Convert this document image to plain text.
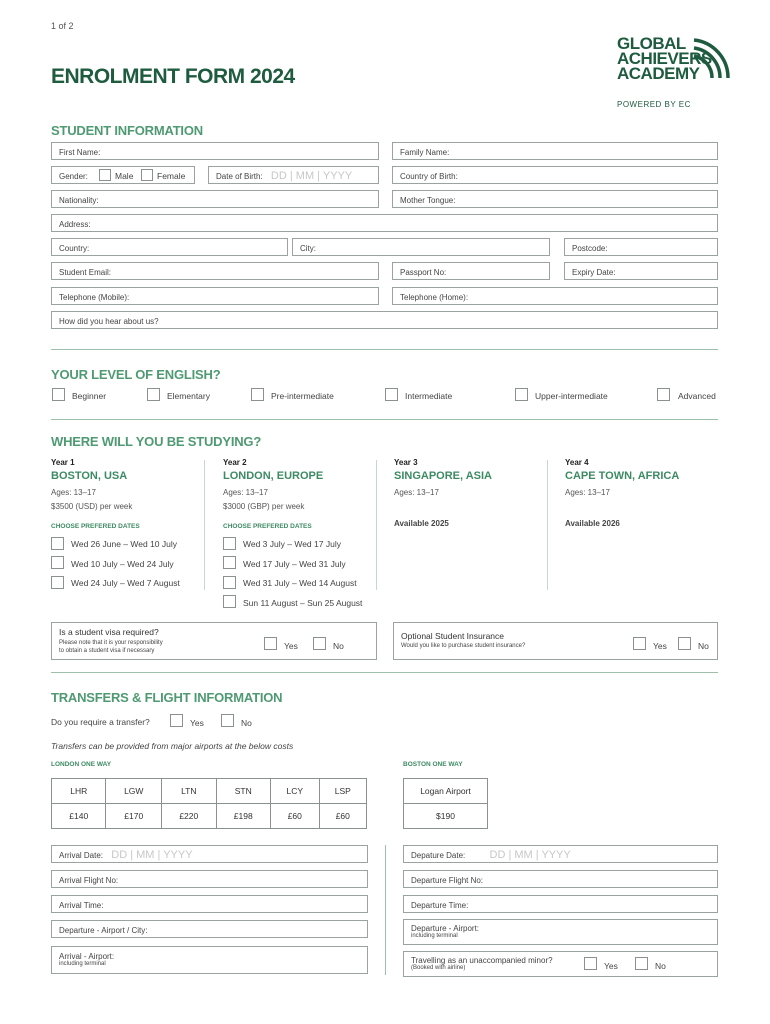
1 of 2
ENROLMENT FORM 2024
GLOBAL
ACHIEVERS
ACADEMY
POWERED BY EC
STUDENT INFORMATION
First Name:	Family Name:
Gender:	Male	Female	Date of Birth: DD | MM | YYYY	Country of Birth:
Nationality:	Mother Tongue:
Address:
Country:	City:	Postcode:
Student Email:	Passport No:	Expiry Date:
Telephone (Mobile):	Telephone (Home):
How did you hear about us?
YOUR LEVEL OF ENGLISH?
Beginner	Elementary	Pre-intermediate	Intermediate	Upper-intermediate	Advanced
WHERE WILL YOU BE STUDYING?
Year 1
BOSTON, USA
Ages: 13–17
$3500 (USD) per week
CHOOSE PREFERED DATES
Wed 26 June – Wed 10 July
Wed 10 July – Wed 24 July
Wed 24 July – Wed 7 August
Year 2
LONDON, EUROPE
Ages: 13–17
$3000 (GBP) per week
CHOOSE PREFERED DATES
Wed 3 July – Wed 17 July
Wed 17 July – Wed 31 July
Wed 31 July – Wed 14 August
Sun 11 August – Sun 25 August
Year 3
SINGAPORE, ASIA
Ages: 13–17
Available 2025
Year 4
CAPE TOWN, AFRICA
Ages: 13–17
Available 2026
Is a student visa required?
Please note that it is your responsibility
to obtain a student visa if necessary	Yes	No
Optional Student Insurance
Would you like to purchase student insurance?	Yes	No
TRANSFERS & FLIGHT INFORMATION
Do you require a transfer?	Yes	No
Transfers can be provided from major airports at the below costs
LONDON ONE WAY	BOSTON ONE WAY
LHR	LGW	LTN	STN	LCY	LSP
£140	£170	£220	£198	£60	£60
Logan Airport
$190
Arrival Date: DD | MM | YYYY
Arrival Flight No:
Arrival Time:
Departure - Airport / City:
Arrival - Airport:
including terminal
Depature Date: DD | MM | YYYY
Departure Flight No:
Departure Time:
Departure - Airport:
including terminal
Travelling as an unaccompanied minor?
(Booked with airline)	Yes	No
